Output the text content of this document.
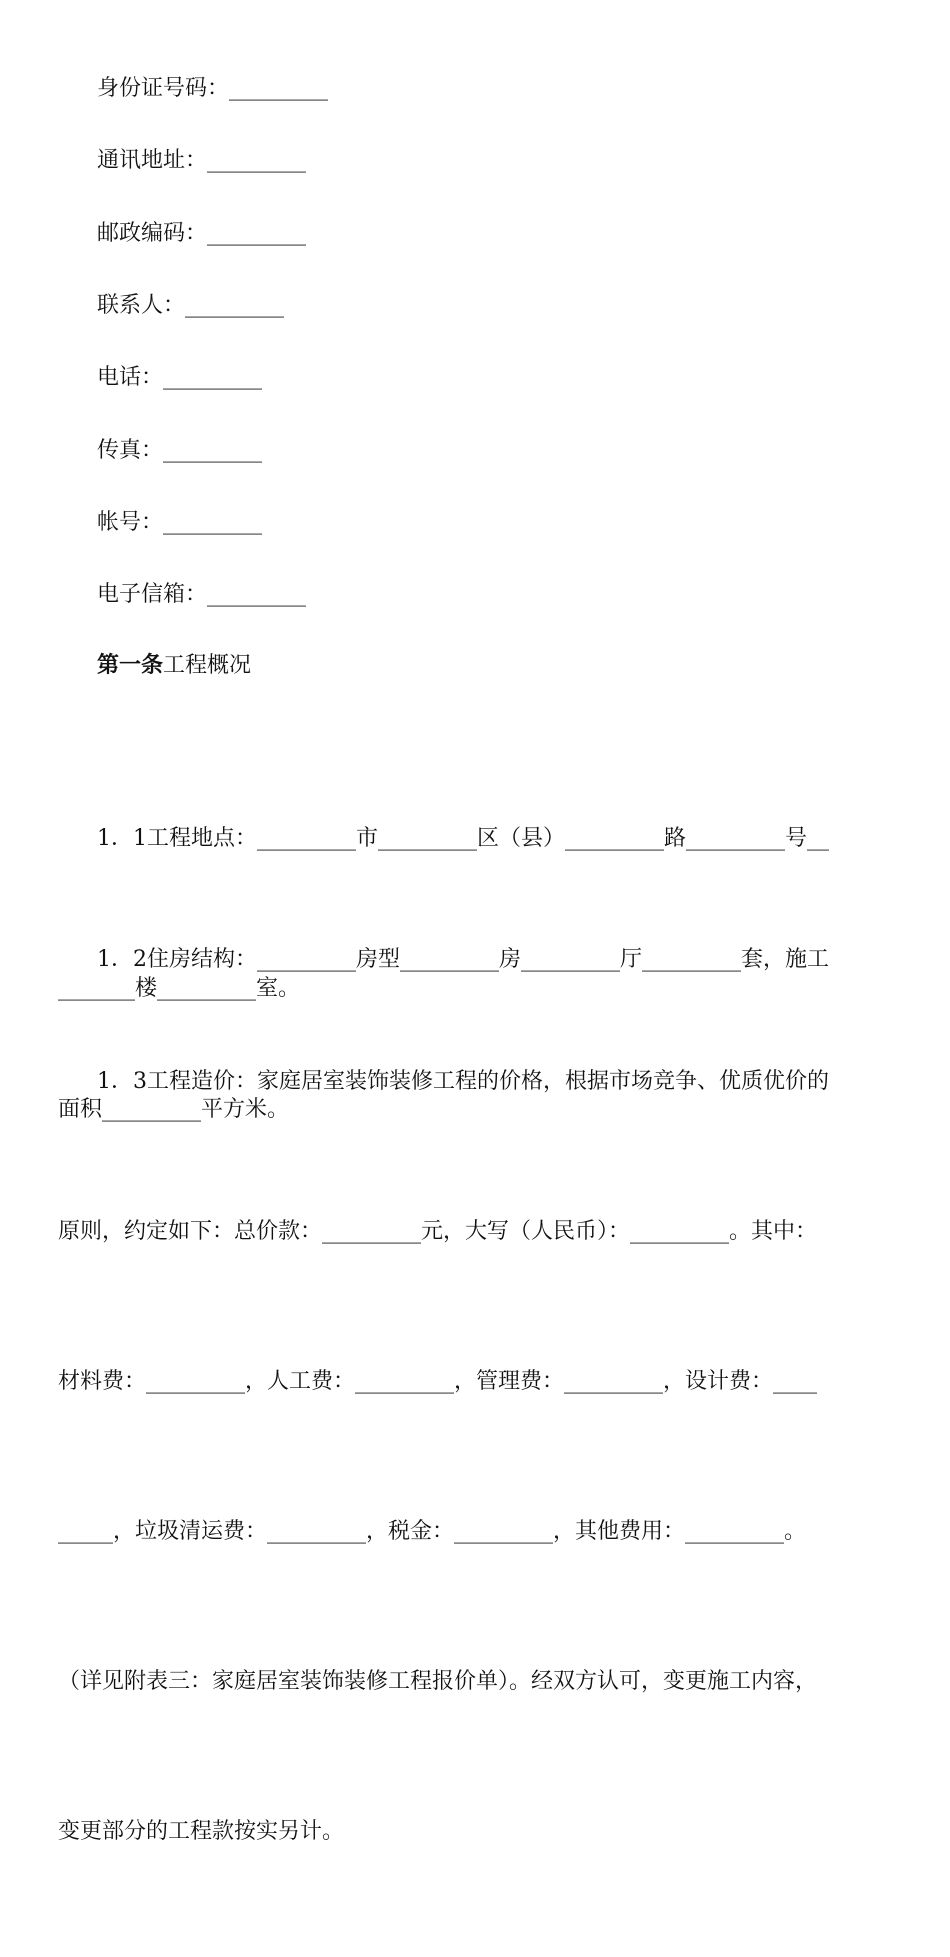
身份证号码：_________
通讯地址：_________
邮政编码：_________
联系人：_________
电话：_________
传真：_________
帐号：_________
电子信箱：_________
第一条工程概况

1．1工程地点：_________市_________区（县）_________路_________号__

_______楼_________室。

1．2住房结构：_________房型_________房_________厅_________套，施工

面积_________平方米。

1．3工程造价：家庭居室装饰装修工程的价格，根据市场竞争、优质优价的

原则，约定如下：总价款：_________元，大写（人民币）：_________。其中：

材料费：_________，人工费：_________，管理费：_________，设计费：____

_____，垃圾清运费：_________，税金：_________，其他费用：_________。

（详见附表三：家庭居室装饰装修工程报价单）。经双方认可，变更施工内容，

变更部分的工程款按实另计。
